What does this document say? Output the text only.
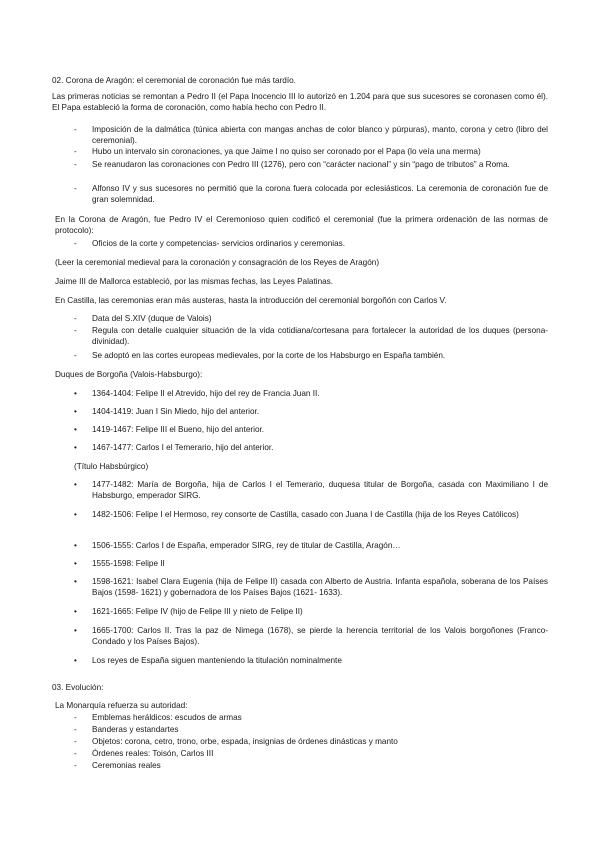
02. Corona de Aragón: el ceremonial de coronación fue más tardío.
Las primeras noticias se remontan a Pedro II (el Papa Inocencio III lo autorizó en 1.204 para que sus sucesores se coronasen como él). El Papa estableció la forma de coronación, como había hecho con Pedro II.
- Imposición de la dalmática (túnica abierta con mangas anchas de color blanco y púrpuras), manto, corona y cetro (libro del ceremonial).
- Hubo un intervalo sin coronaciones, ya que Jaime I no quiso ser coronado por el Papa (lo veía una merma)
- Se reanudaron las coronaciones con Pedro III (1276), pero con “carácter nacional” y sin “pago de tributos” a Roma.
- Alfonso IV y sus sucesores no permitió que la corona fuera colocada por eclesiásticos. La ceremonia de coronación fue de gran solemnidad.
En la Corona de Aragón, fue Pedro IV el Ceremonioso quien codificó el ceremonial (fue la primera ordenación de las normas de protocolo):
- Oficios de la corte y competencias- servicios ordinarios y ceremonias.
(Leer la ceremonial medieval para la coronación y consagración de los Reyes de Aragón)
Jaime III de Mallorca estableció, por las mismas fechas, las Leyes Palatinas.
En Castilla, las ceremonias eran más austeras, hasta la introducción del ceremonial borgoñón con Carlos V.
- Data del S.XIV (duque de Valois)
- Regula con detalle cualquier situación de la vida cotidiana/cortesana para fortalecer la autoridad de los duques (persona-divinidad).
- Se adoptó en las cortes europeas medievales, por la corte de los Habsburgo en España también.
Duques de Borgoña (Valois-Habsburgo):
• 1364-1404: Felipe II el Atrevido, hijo del rey de Francia Juan II.
• 1404-1419: Juan I Sin Miedo, hijo del anterior.
• 1419-1467: Felipe III el Bueno, hijo del anterior.
• 1467-1477: Carlos I el Temerario, hijo del anterior.
(Título Habsbúrgico)
• 1477-1482: María de Borgoña, hija de Carlos I el Temerario, duquesa titular de Borgoña, casada con Maximiliano I de Habsburgo, emperador SIRG.
• 1482-1506: Felipe I el Hermoso, rey consorte de Castilla, casado con Juana I de Castilla (hija de los Reyes Católicos)
• 1506-1555: Carlos I de España, emperador SIRG, rey de titular de Castilla, Aragón…
• 1555-1598: Felipe II
• 1598-1621: Isabel Clara Eugenia (hija de Felipe II) casada con Alberto de Austria. Infanta española, soberana de los Países Bajos (1598- 1621) y gobernadora de los Países Bajos (1621- 1633).
• 1621-1665: Felipe IV (hijo de Felipe III y nieto de Felipe II)
• 1665-1700: Carlos II. Tras la paz de Nimega (1678), se pierde la herencia territorial de los Valois borgoñones (Franco-Condado y los Países Bajos).
• Los reyes de España siguen manteniendo la titulación nominalmente
03. Evolución:
La Monarquía refuerza su autoridad:
- Emblemas heráldicos: escudos de armas
- Banderas y estandartes
- Objetos: corona, cetro, trono, orbe, espada, insignias de órdenes dinásticas y manto
- Órdenes reales: Toisón, Carlos III
- Ceremonias reales
